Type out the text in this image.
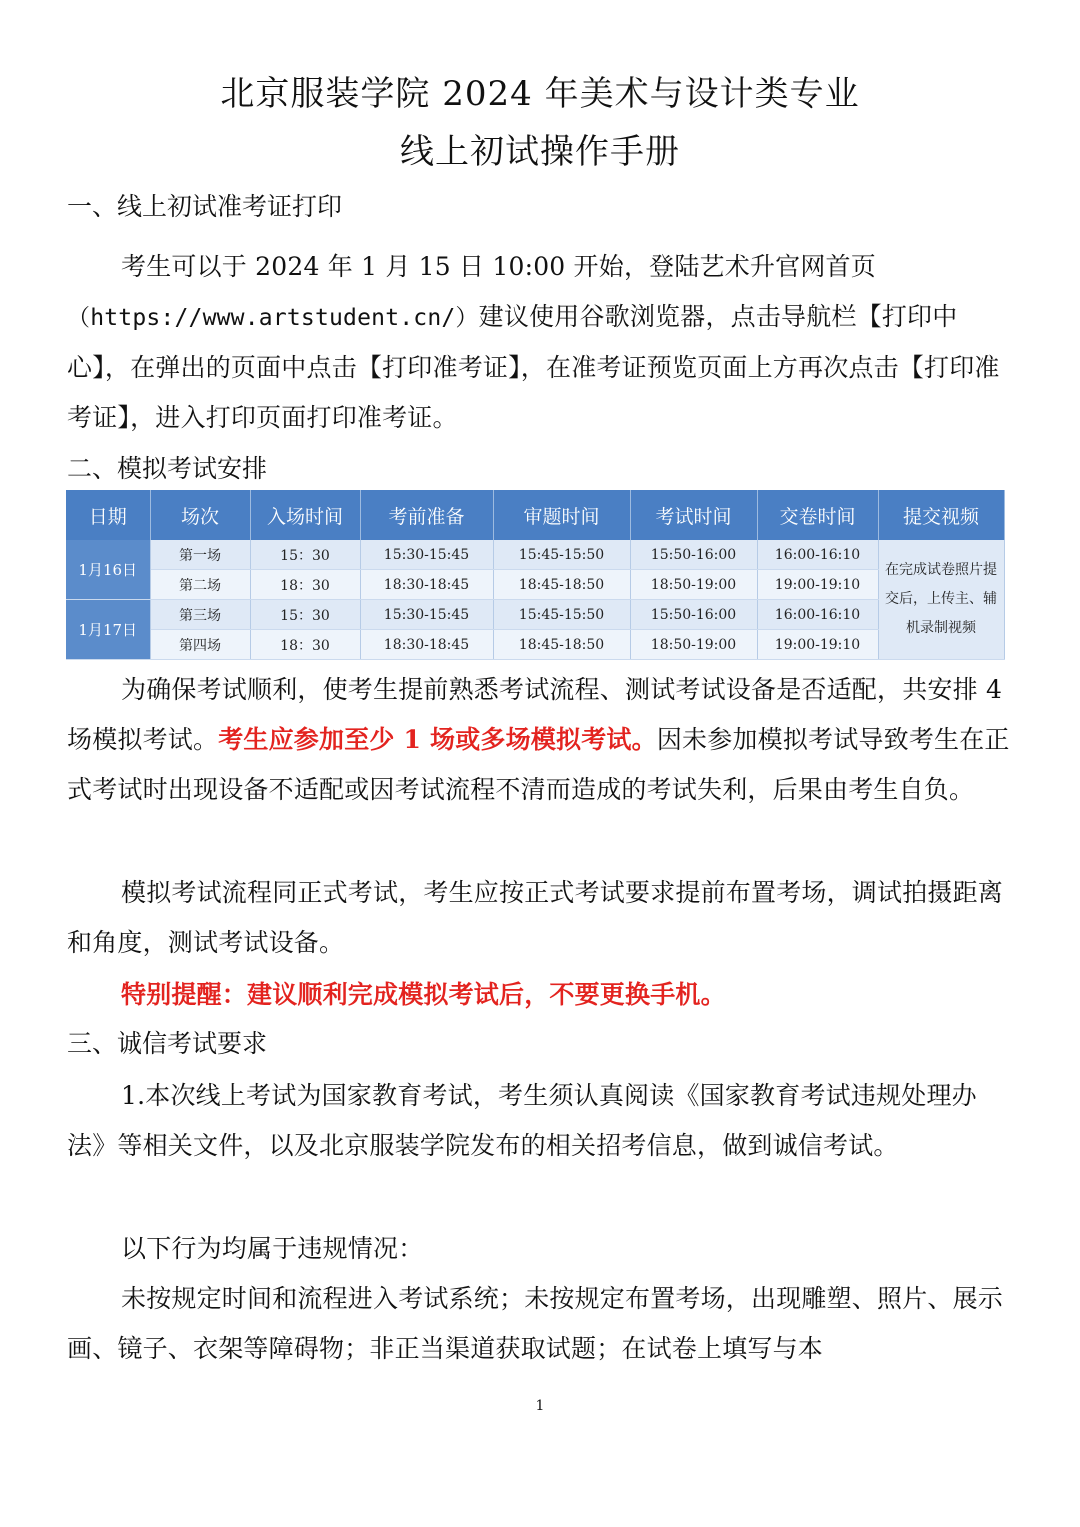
北京服装学院 2024 年美术与设计类专业
线上初试操作手册
一、线上初试准考证打印

考生可以于 2024 年 1 月 15 日 10:00 开始，登陆艺术升官网首页

（https://www.artstudent.cn/）建议使用谷歌浏览器，点击导航栏【打印中心】，在弹出的页面中点击【打印准考证】，在准考证预览页面上方再次点击【打印准考证】，进入打印页面打印准考证。

二、模拟考试安排
日期	场次	入场时间	考前准备	审题时间	考试时间	交卷时间	提交视频
1月16日	第一场	15：30	15:30-15:45	15:45-15:50	15:50-16:00	16:00-16:10	在完成试卷照片提交后，上传主、辅机录制视频
	第二场	18：30	18:30-18:45	18:45-18:50	18:50-19:00	19:00-19:10	
1月17日	第三场	15：30	15:30-15:45	15:45-15:50	15:50-16:00	16:00-16:10	
	第四场	18：30	18:30-18:45	18:45-18:50	18:50-19:00	19:00-19:10	

为确保考试顺利，使考生提前熟悉考试流程、测试考试设备是否适配，共安排 4 场模拟考试。考生应参加至少 1 场或多场模拟考试。因未参加模拟考试导致考生在正式考试时出现设备不适配或因考试流程不清而造成的考试失利，后果由考生自负。

模拟考试流程同正式考试，考生应按正式考试要求提前布置考场，调试拍摄距离和角度，测试考试设备。

特别提醒：建议顺利完成模拟考试后，不要更换手机。

三、诚信考试要求

1.本次线上考试为国家教育考试，考生须认真阅读《国家教育考试违规处理办法》等相关文件，以及北京服装学院发布的相关招考信息，做到诚信考试。

以下行为均属于违规情况：

未按规定时间和流程进入考试系统；未按规定布置考场，出现雕塑、照片、展示画、镜子、衣架等障碍物；非正当渠道获取试题；在试卷上填写与本

1
